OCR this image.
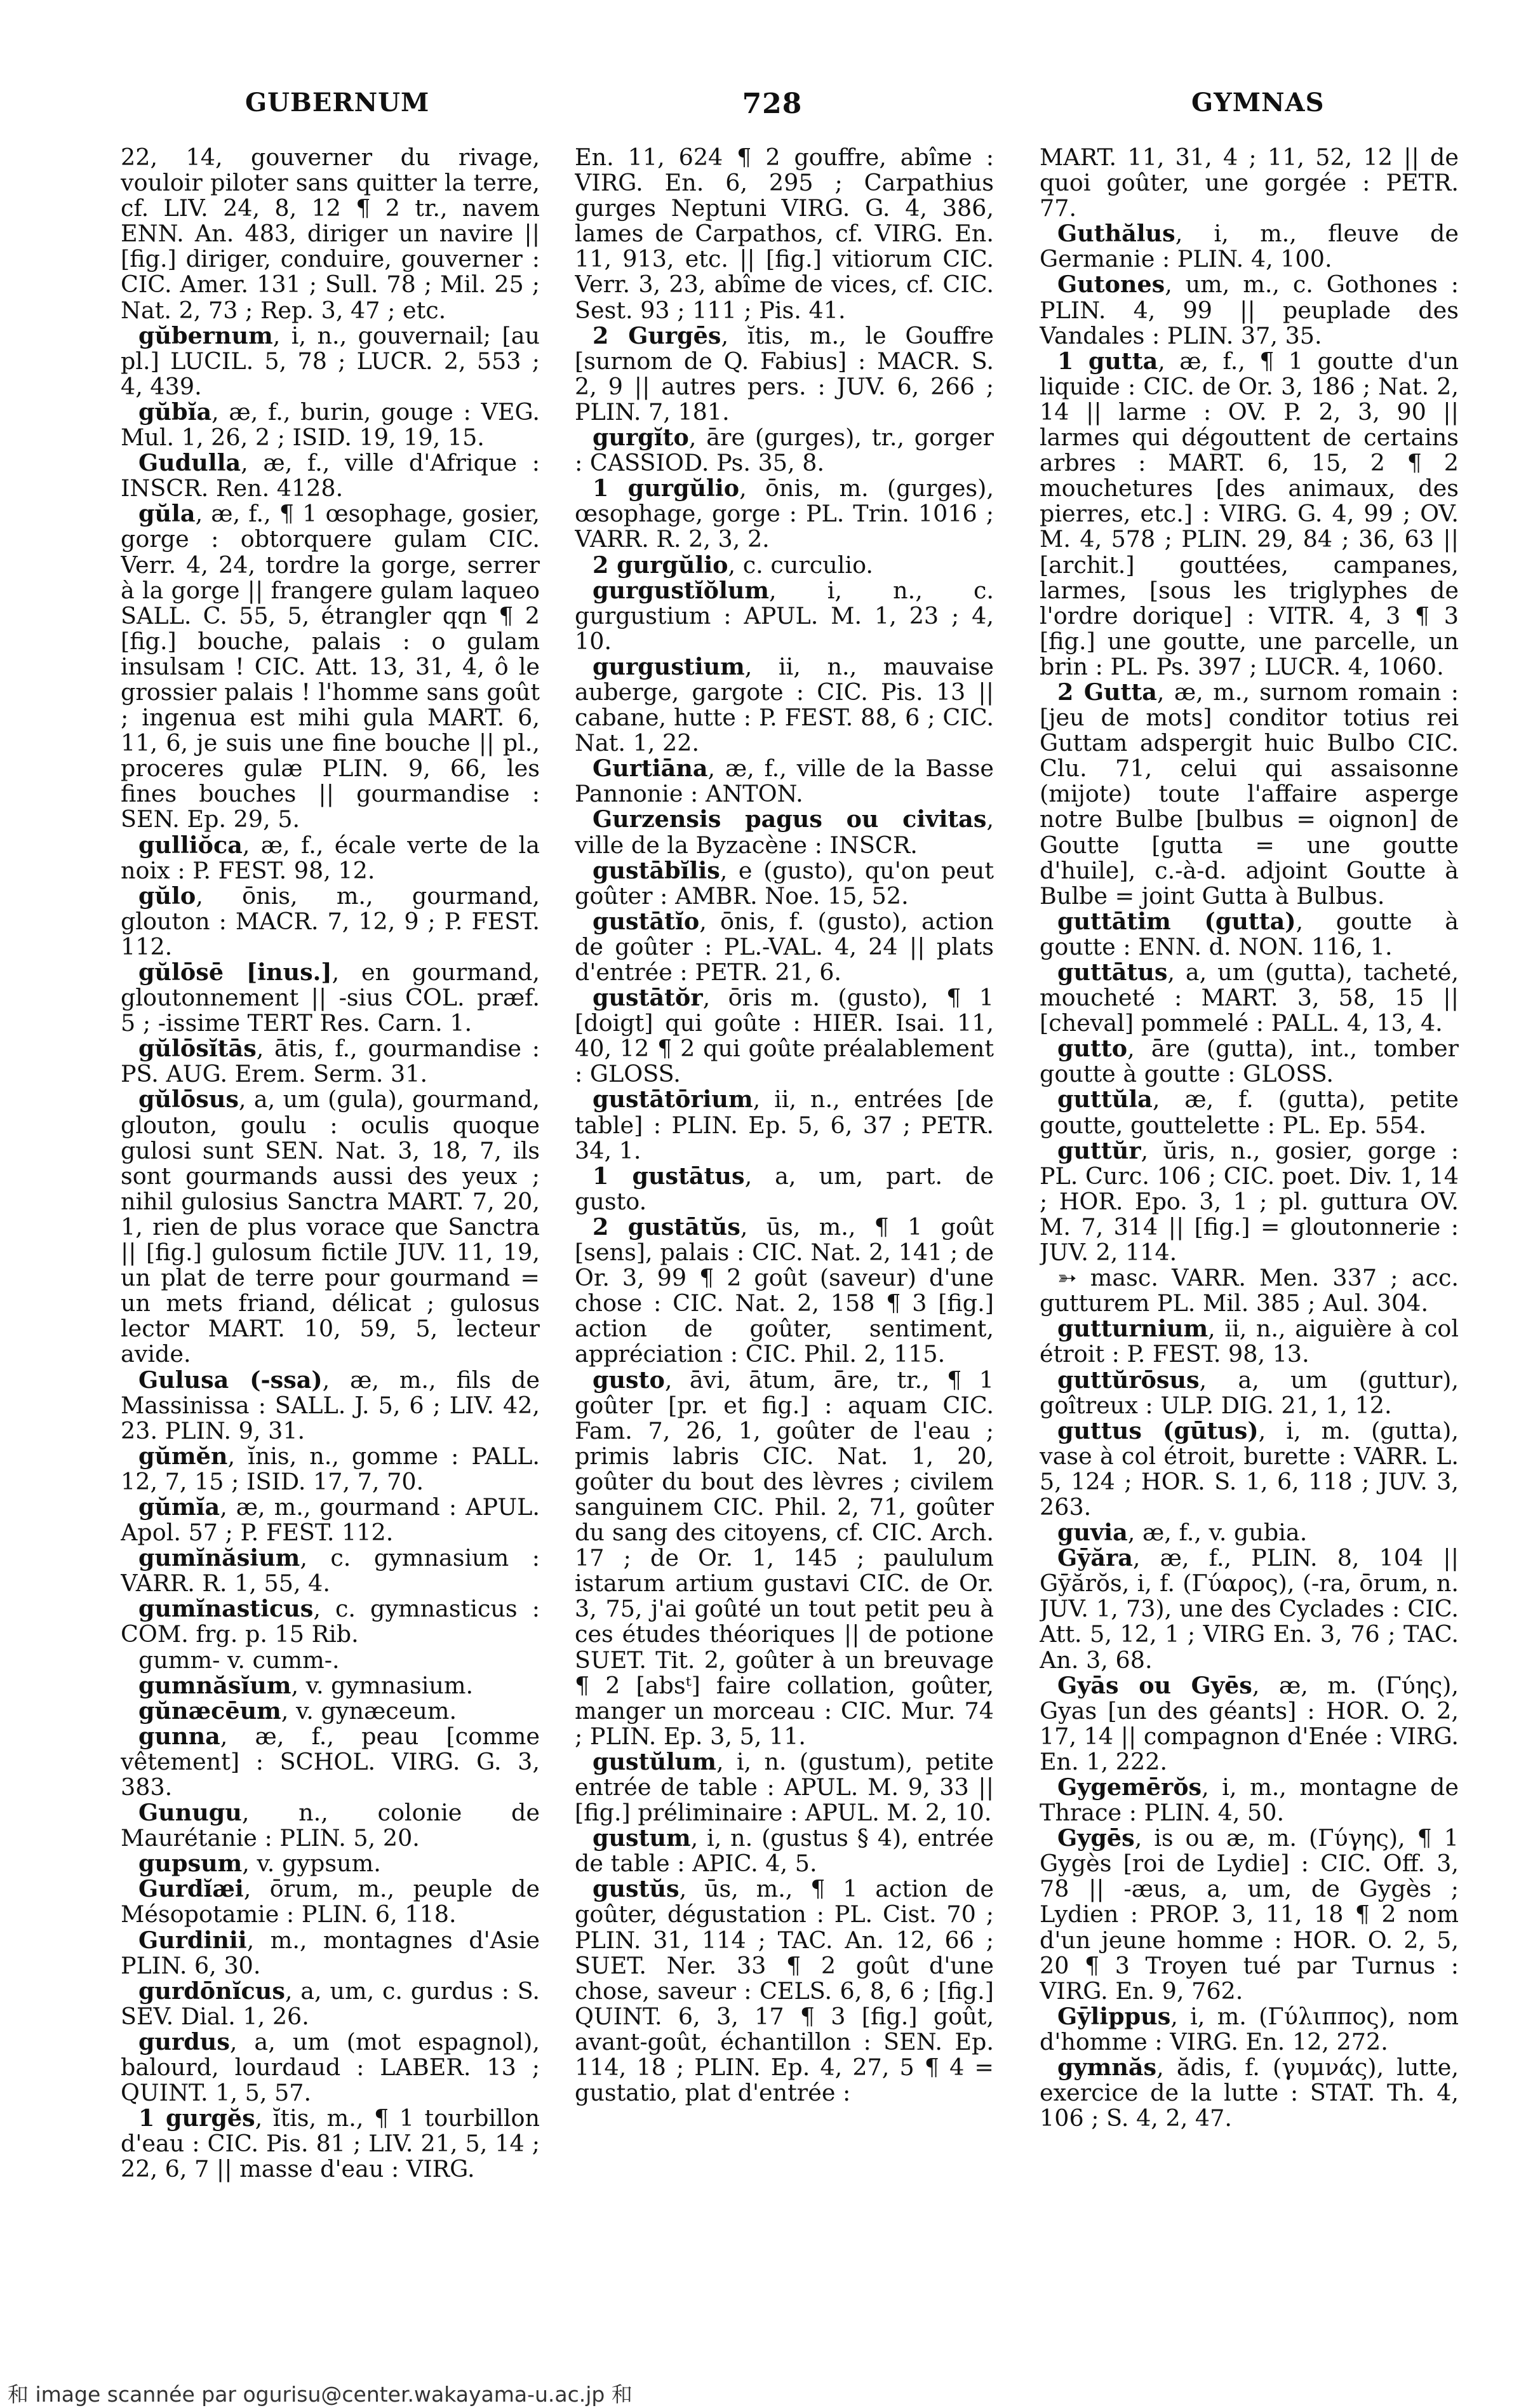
GUBERNUM	728	GYMNAS

22, 14, gouverner du rivage, vouloir piloter sans quitter la terre, cf. LIV. 24, 8, 12 ¶ 2 tr., navem ENN. An. 483, diriger un navire || [fig.] diriger, conduire, gouverner : CIC. Amer. 131 ; Sull. 78 ; Mil. 25 ; Nat. 2, 73 ; Rep. 3, 47 ; etc.

gŭbernum, i, n., gouvernail; [au pl.] LUCIL. 5, 78 ; LUCR. 2, 553 ; 4, 439.

gŭbĭa, æ, f., burin, gouge : VEG. Mul. 1, 26, 2 ; ISID. 19, 19, 15.

Gudulla, æ, f., ville d'Afrique : INSCR. Ren. 4128.

gŭla, æ, f., ¶ 1 œsophage, gosier, gorge : obtorquere gulam CIC. Verr. 4, 24, tordre la gorge, serrer à la gorge || frangere gulam laqueo SALL. C. 55, 5, étrangler qqn ¶ 2 [fig.] bouche, palais : o gulam insulsam ! CIC. Att. 13, 31, 4, ô le grossier palais ! l'homme sans goût ; ingenua est mihi gula MART. 6, 11, 6, je suis une fine bouche || pl., proceres gulæ PLIN. 9, 66, les fines bouches || gourmandise : SEN. Ep. 29, 5.

gulliŏca, æ, f., écale verte de la noix : P. FEST. 98, 12.

gŭlo, ōnis, m., gourmand, glouton : MACR. 7, 12, 9 ; P. FEST. 112.

gŭlōsē [inus.], en gourmand, gloutonnement || -sius COL. præf. 5 ; -issime TERT Res. Carn. 1.

gŭlōsĭtās, ātis, f., gourmandise : PS. AUG. Erem. Serm. 31.

gŭlōsus, a, um (gula), gourmand, glouton, goulu : oculis quoque gulosi sunt SEN. Nat. 3, 18, 7, ils sont gourmands aussi des yeux ; nihil gulosius Sanctra MART. 7, 20, 1, rien de plus vorace que Sanctra || [fig.] gulosum fictile JUV. 11, 19, un plat de terre pour gourmand = un mets friand, délicat ; gulosus lector MART. 10, 59, 5, lecteur avide.

Gulusa (-ssa), æ, m., fils de Massinissa : SALL. J. 5, 6 ; LIV. 42, 23. PLIN. 9, 31.

gŭmĕn, ĭnis, n., gomme : PALL. 12, 7, 15 ; ISID. 17, 7, 70.

gŭmĭa, æ, m., gourmand : APUL. Apol. 57 ; P. FEST. 112.

gumĭnăsium, c. gymnasium : VARR. R. 1, 55, 4.

gumĭnasticus, c. gymnasticus : COM. frg. p. 15 Rib.

gumm- v. cumm-.

gumnăsĭum, v. gymnasium.

gŭnæcēum, v. gynæceum.

gunna, æ, f., peau [comme vêtement] : SCHOL. VIRG. G. 3, 383.

Gunugu, n., colonie de Maurétanie : PLIN. 5, 20.

gupsum, v. gypsum.

Gurdĭæi, ōrum, m., peuple de Mésopotamie : PLIN. 6, 118.

Gurdinii, m., montagnes d'Asie PLIN. 6, 30.

gurdōnĭcus, a, um, c. gurdus : S. SEV. Dial. 1, 26.

gurdus, a, um (mot espagnol), balourd, lourdaud : LABER. 13 ; QUINT. 1, 5, 57.

1 gurgĕs, ĭtis, m., ¶ 1 tourbillon d'eau : CIC. Pis. 81 ; LIV. 21, 5, 14 ; 22, 6, 7 || masse d'eau : VIRG.

En. 11, 624 ¶ 2 gouffre, abîme : VIRG. En. 6, 295 ; Carpathius gurges Neptuni VIRG. G. 4, 386, lames de Carpathos, cf. VIRG. En. 11, 913, etc. || [fig.] vitiorum CIC. Verr. 3, 23, abîme de vices, cf. CIC. Sest. 93 ; 111 ; Pis. 41.

2 Gurgēs, ĭtis, m., le Gouffre [surnom de Q. Fabius] : MACR. S. 2, 9 || autres pers. : JUV. 6, 266 ; PLIN. 7, 181.

gurgĭto, āre (gurges), tr., gorger : CASSIOD. Ps. 35, 8.

1 gurgŭlio, ōnis, m. (gurges), œsophage, gorge : PL. Trin. 1016 ; VARR. R. 2, 3, 2.

2 gurgŭlio, c. curculio.

gurgustĭŏlum, i, n., c. gurgustium : APUL. M. 1, 23 ; 4, 10.

gurgustium, ii, n., mauvaise auberge, gargote : CIC. Pis. 13 || cabane, hutte : P. FEST. 88, 6 ; CIC. Nat. 1, 22.

Gurtiāna, æ, f., ville de la Basse Pannonie : ANTON.

Gurzensis pagus ou civitas, ville de la Byzacène : INSCR.

gustābĭlis, e (gusto), qu'on peut goûter : AMBR. Noe. 15, 52.

gustātĭo, ōnis, f. (gusto), action de goûter : PL.-VAL. 4, 24 || plats d'entrée : PETR. 21, 6.

gustātŏr, ōris m. (gusto), ¶ 1 [doigt] qui goûte : HIER. Isai. 11, 40, 12 ¶ 2 qui goûte préalablement : GLOSS.

gustātōrium, ii, n., entrées [de table] : PLIN. Ep. 5, 6, 37 ; PETR. 34, 1.

1 gustātus, a, um, part. de gusto.

2 gustātŭs, ūs, m., ¶ 1 goût [sens], palais : CIC. Nat. 2, 141 ; de Or. 3, 99 ¶ 2 goût (saveur) d'une chose : CIC. Nat. 2, 158 ¶ 3 [fig.] action de goûter, sentiment, appréciation : CIC. Phil. 2, 115.

gusto, āvi, ātum, āre, tr., ¶ 1 goûter [pr. et fig.] : aquam CIC. Fam. 7, 26, 1, goûter de l'eau ; primis labris CIC. Nat. 1, 20, goûter du bout des lèvres ; civilem sanguinem CIC. Phil. 2, 71, goûter du sang des citoyens, cf. CIC. Arch. 17 ; de Or. 1, 145 ; paululum istarum artium gustavi CIC. de Or. 3, 75, j'ai goûté un tout petit peu à ces études théoriques || de potione SUET. Tit. 2, goûter à un breuvage ¶ 2 [absᵗ] faire collation, goûter, manger un morceau : CIC. Mur. 74 ; PLIN. Ep. 3, 5, 11.

gustŭlum, i, n. (gustum), petite entrée de table : APUL. M. 9, 33 || [fig.] préliminaire : APUL. M. 2, 10.

gustum, i, n. (gustus § 4), entrée de table : APIC. 4, 5.

gustŭs, ūs, m., ¶ 1 action de goûter, dégustation : PL. Cist. 70 ; PLIN. 31, 114 ; TAC. An. 12, 66 ; SUET. Ner. 33 ¶ 2 goût d'une chose, saveur : CELS. 6, 8, 6 ; [fig.] QUINT. 6, 3, 17 ¶ 3 [fig.] goût, avant-goût, échantillon : SEN. Ep. 114, 18 ; PLIN. Ep. 4, 27, 5 ¶ 4 = gustatio, plat d'entrée :

MART. 11, 31, 4 ; 11, 52, 12 || de quoi goûter, une gorgée : PETR. 77.

Guthălus, i, m., fleuve de Germanie : PLIN. 4, 100.

Gutones, um, m., c. Gothones : PLIN. 4, 99 || peuplade des Vandales : PLIN. 37, 35.

1 gutta, æ, f., ¶ 1 goutte d'un liquide : CIC. de Or. 3, 186 ; Nat. 2, 14 || larme : OV. P. 2, 3, 90 || larmes qui dégouttent de certains arbres : MART. 6, 15, 2 ¶ 2 mouchetures [des animaux, des pierres, etc.] : VIRG. G. 4, 99 ; OV. M. 4, 578 ; PLIN. 29, 84 ; 36, 63 || [archit.] gouttées, campanes, larmes, [sous les triglyphes de l'ordre dorique] : VITR. 4, 3 ¶ 3 [fig.] une goutte, une parcelle, un brin : PL. Ps. 397 ; LUCR. 4, 1060.

2 Gutta, æ, m., surnom romain : [jeu de mots] conditor totius rei Guttam adspergit huic Bulbo CIC. Clu. 71, celui qui assaisonne (mijote) toute l'affaire asperge notre Bulbe [bulbus = oignon] de Goutte [gutta = une goutte d'huile], c.-à-d. adjoint Goutte à Bulbe = joint Gutta à Bulbus.

guttātim (gutta), goutte à goutte : ENN. d. NON. 116, 1.

guttātus, a, um (gutta), tacheté, moucheté : MART. 3, 58, 15 || [cheval] pommelé : PALL. 4, 13, 4.

gutto, āre (gutta), int., tomber goutte à goutte : GLOSS.

guttŭla, æ, f. (gutta), petite goutte, gouttelette : PL. Ep. 554.

guttŭr, ŭris, n., gosier, gorge : PL. Curc. 106 ; CIC. poet. Div. 1, 14 ; HOR. Epo. 3, 1 ; pl. guttura OV. M. 7, 314 || [fig.] = gloutonnerie : JUV. 2, 114.

➳ masc. VARR. Men. 337 ; acc. gutturem PL. Mil. 385 ; Aul. 304.

gutturnium, ii, n., aiguière à col étroit : P. FEST. 98, 13.

guttŭrōsus, a, um (guttur), goîtreux : ULP. DIG. 21, 1, 12.

guttus (gūtus), i, m. (gutta), vase à col étroit, burette : VARR. L. 5, 124 ; HOR. S. 1, 6, 118 ; JUV. 3, 263.

guvia, æ, f., v. gubia.

Gȳăra, æ, f., PLIN. 8, 104 || Gȳărŏs, i, f. (Γύαρος), (-ra, ōrum, n. JUV. 1, 73), une des Cyclades : CIC. Att. 5, 12, 1 ; VIRG En. 3, 76 ; TAC. An. 3, 68.

Gyās ou Gyēs, æ, m. (Γύης), Gyas [un des géants] : HOR. O. 2, 17, 14 || compagnon d'Enée : VIRG. En. 1, 222.

Gygemērŏs, i, m., montagne de Thrace : PLIN. 4, 50.

Gygēs, is ou æ, m. (Γύγης), ¶ 1 Gygès [roi de Lydie] : CIC. Off. 3, 78 || -æus, a, um, de Gygès ; Lydien : PROP. 3, 11, 18 ¶ 2 nom d'un jeune homme : HOR. O. 2, 5, 20 ¶ 3 Troyen tué par Turnus : VIRG. En. 9, 762.

Gȳlippus, i, m. (Γύλιππος), nom d'homme : VIRG. En. 12, 272.

gymnăs, ădis, f. (γυμνάς), lutte, exercice de la lutte : STAT. Th. 4, 106 ; S. 4, 2, 47.

和 image scannée par ogurisu@center.wakayama-u.ac.jp 和
